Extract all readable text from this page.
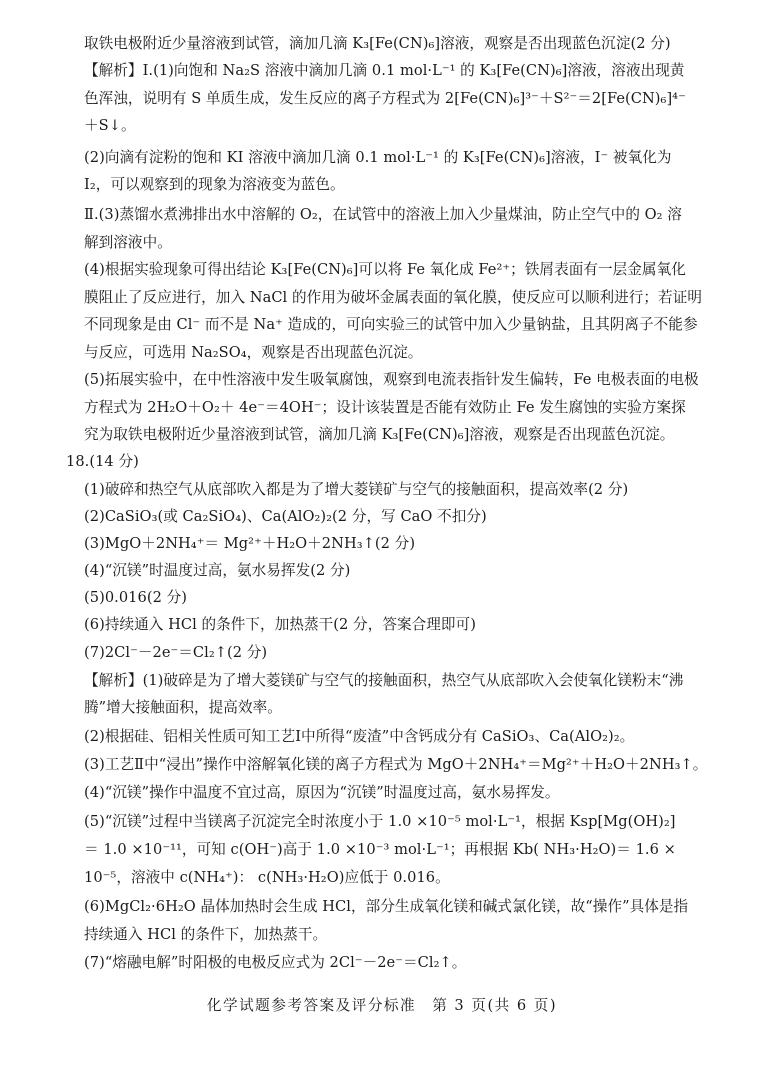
取铁电极附近少量溶液到试管，滴加几滴 K₃[Fe(CN)₆]溶液，观察是否出现蓝色沉淀(2 分)
【解析】Ⅰ.(1)向饱和 Na₂S 溶液中滴加几滴 0.1 mol·L⁻¹ 的 K₃[Fe(CN)₆]溶液，溶液出现黄
色浑浊，说明有 S 单质生成，发生反应的离子方程式为 2[Fe(CN)₆]³⁻＋S²⁻＝2[Fe(CN)₆]⁴⁻
＋S↓。
(2)向滴有淀粉的饱和 KI 溶液中滴加几滴 0.1 mol·L⁻¹ 的 K₃[Fe(CN)₆]溶液，I⁻ 被氧化为
I₂，可以观察到的现象为溶液变为蓝色。
Ⅱ.(3)蒸馏水煮沸排出水中溶解的 O₂，在试管中的溶液上加入少量煤油，防止空气中的 O₂ 溶
解到溶液中。
(4)根据实验现象可得出结论 K₃[Fe(CN)₆]可以将 Fe 氧化成 Fe²⁺；铁屑表面有一层金属氧化
膜阻止了反应进行，加入 NaCl 的作用为破坏金属表面的氧化膜，使反应可以顺利进行；若证明
不同现象是由 Cl⁻ 而不是 Na⁺ 造成的，可向实验三的试管中加入少量钠盐，且其阴离子不能参
与反应，可选用 Na₂SO₄，观察是否出现蓝色沉淀。
(5)拓展实验中，在中性溶液中发生吸氧腐蚀，观察到电流表指针发生偏转，Fe 电极表面的电极
方程式为 2H₂O＋O₂＋ 4e⁻＝4OH⁻；设计该装置是否能有效防止 Fe 发生腐蚀的实验方案探
究为取铁电极附近少量溶液到试管，滴加几滴 K₃[Fe(CN)₆]溶液，观察是否出现蓝色沉淀。
18.(14 分)
(1)破碎和热空气从底部吹入都是为了增大菱镁矿与空气的接触面积，提高效率(2 分)
(2)CaSiO₃(或 Ca₂SiO₄)、Ca(AlO₂)₂(2 分，写 CaO 不扣分)
(3)MgO＋2NH₄⁺＝ Mg²⁺＋H₂O＋2NH₃↑(2 分)
(4)“沉镁”时温度过高，氨水易挥发(2 分)
(5)0.016(2 分)
(6)持续通入 HCl 的条件下，加热蒸干(2 分，答案合理即可)
(7)2Cl⁻－2e⁻＝Cl₂↑(2 分)
【解析】(1)破碎是为了增大菱镁矿与空气的接触面积，热空气从底部吹入会使氧化镁粉末“沸
腾”增大接触面积，提高效率。
(2)根据硅、铝相关性质可知工艺Ⅰ中所得“废渣”中含钙成分有 CaSiO₃、Ca(AlO₂)₂。
(3)工艺Ⅱ中“浸出”操作中溶解氧化镁的离子方程式为 MgO＋2NH₄⁺＝Mg²⁺＋H₂O＋2NH₃↑。
(4)“沉镁”操作中温度不宜过高，原因为“沉镁”时温度过高，氨水易挥发。
(5)“沉镁”过程中当镁离子沉淀完全时浓度小于 1.0 ×10⁻⁵ mol·L⁻¹，根据 Ksp[Mg(OH)₂]
＝ 1.0 ×10⁻¹¹，可知 c(OH⁻)高于 1.0 ×10⁻³ mol·L⁻¹；再根据 Kb( NH₃·H₂O)＝ 1.6 ×
10⁻⁵，溶液中 c(NH₄⁺)： c(NH₃·H₂O)应低于 0.016。
(6)MgCl₂·6H₂O 晶体加热时会生成 HCl，部分生成氧化镁和碱式氯化镁，故“操作”具体是指
持续通入 HCl 的条件下，加热蒸干。
(7)“熔融电解”时阳极的电极反应式为 2Cl⁻－2e⁻＝Cl₂↑。
化学试题参考答案及评分标准　第 3 页(共 6 页)
